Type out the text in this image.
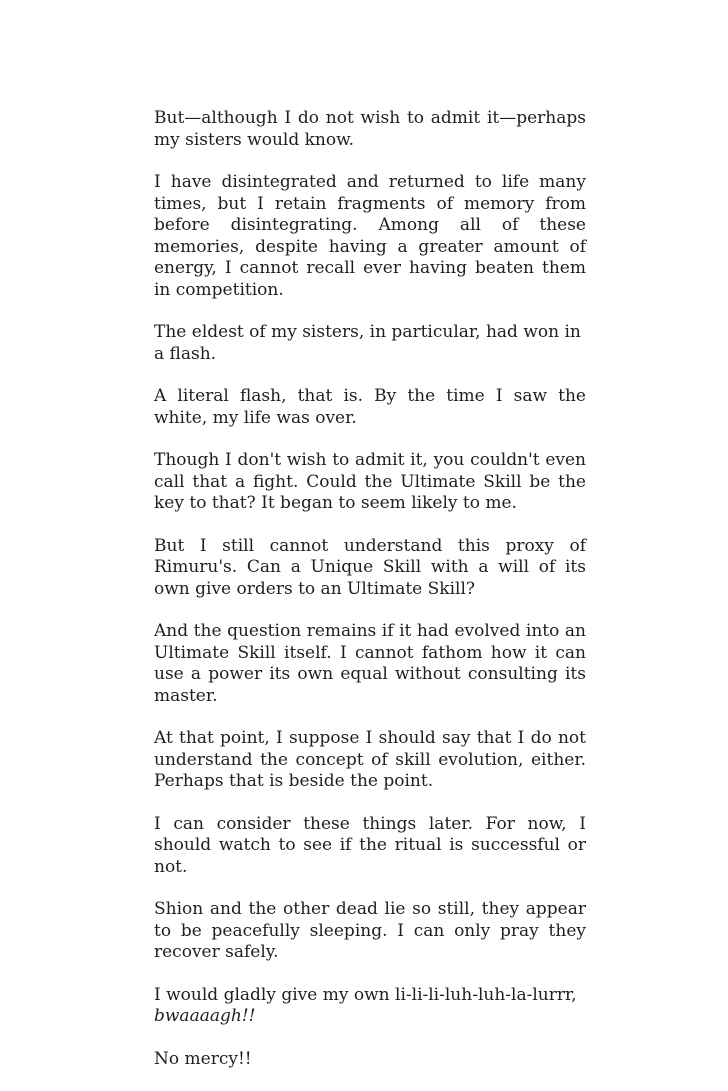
But—although I do not wish to admit it—perhaps my sisters would know.

I have disintegrated and returned to life many times, but I retain fragments of memory from before disintegrating. Among all of these memories, despite having a greater amount of energy, I cannot recall ever having beaten them in competition.

The eldest of my sisters, in particular, had won in a flash.

A literal flash, that is. By the time I saw the white, my life was over.

Though I don't wish to admit it, you couldn't even call that a fight. Could the Ultimate Skill be the key to that? It began to seem likely to me.

But I still cannot understand this proxy of Rimuru's. Can a Unique Skill with a will of its own give orders to an Ultimate Skill?

And the question remains if it had evolved into an Ultimate Skill itself. I cannot fathom how it can use a power its own equal without consulting its master.

At that point, I suppose I should say that I do not understand the concept of skill evolution, either. Perhaps that is beside the point.

I can consider these things later. For now, I should watch to see if the ritual is successful or not.

Shion and the other dead lie so still, they appear to be peacefully sleeping. I can only pray they recover safely.

I would gladly give my own li-li-li-luh-luh-la-lurrr,
bwaaaagh!!

No mercy!!
